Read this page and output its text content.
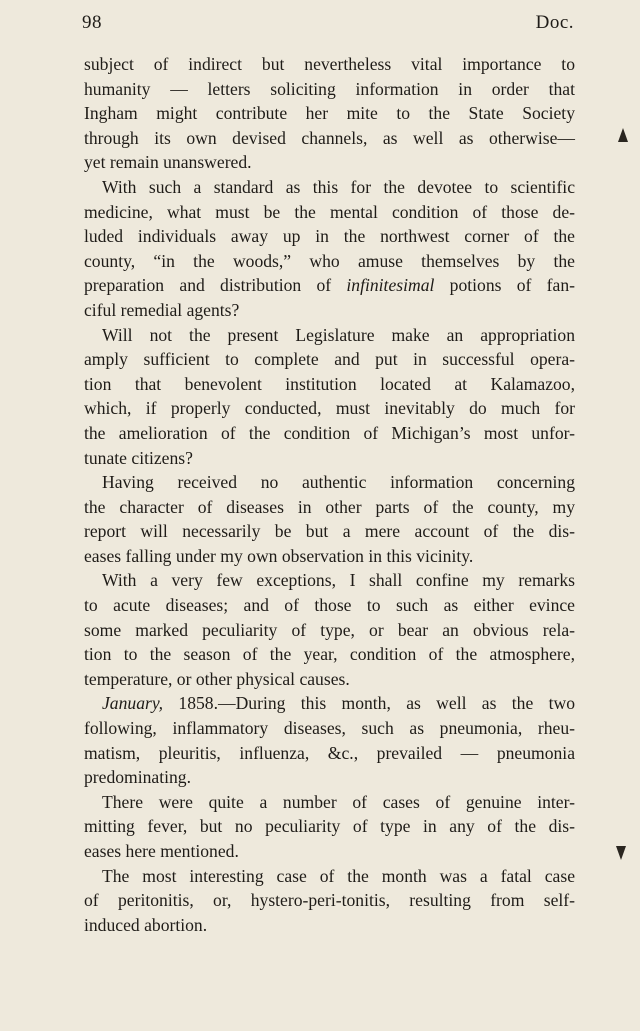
98	Doc.
subject of indirect but nevertheless vital importance to
humanity — letters soliciting information in order that
Ingham might contribute her mite to the State Society
through its own devised channels, as well as otherwise—
yet remain unanswered.
With such a standard as this for the devotee to scientific
medicine, what must be the mental condition of those de-
luded individuals away up in the northwest corner of the
county, “in the woods,” who amuse themselves by the
preparation and distribution of infinitesimal potions of fan-
ciful remedial agents?
Will not the present Legislature make an appropriation
amply sufficient to complete and put in successful opera-
tion that benevolent institution located at Kalamazoo,
which, if properly conducted, must inevitably do much for
the amelioration of the condition of Michigan’s most unfor-
tunate citizens?
Having received no authentic information concerning
the character of diseases in other parts of the county, my
report will necessarily be but a mere account of the dis-
eases falling under my own observation in this vicinity.
With a very few exceptions, I shall confine my remarks
to acute diseases; and of those to such as either evince
some marked peculiarity of type, or bear an obvious rela-
tion to the season of the year, condition of the atmosphere,
temperature, or other physical causes.
January, 1858.—During this month, as well as the two
following, inflammatory diseases, such as pneumonia, rheu-
matism, pleuritis, influenza, &c., prevailed — pneumonia
predominating.
There were quite a number of cases of genuine inter-
mitting fever, but no peculiarity of type in any of the dis-
eases here mentioned.
The most interesting case of the month was a fatal case
of peritonitis, or, hystero-peri-tonitis, resulting from self-
induced abortion.
